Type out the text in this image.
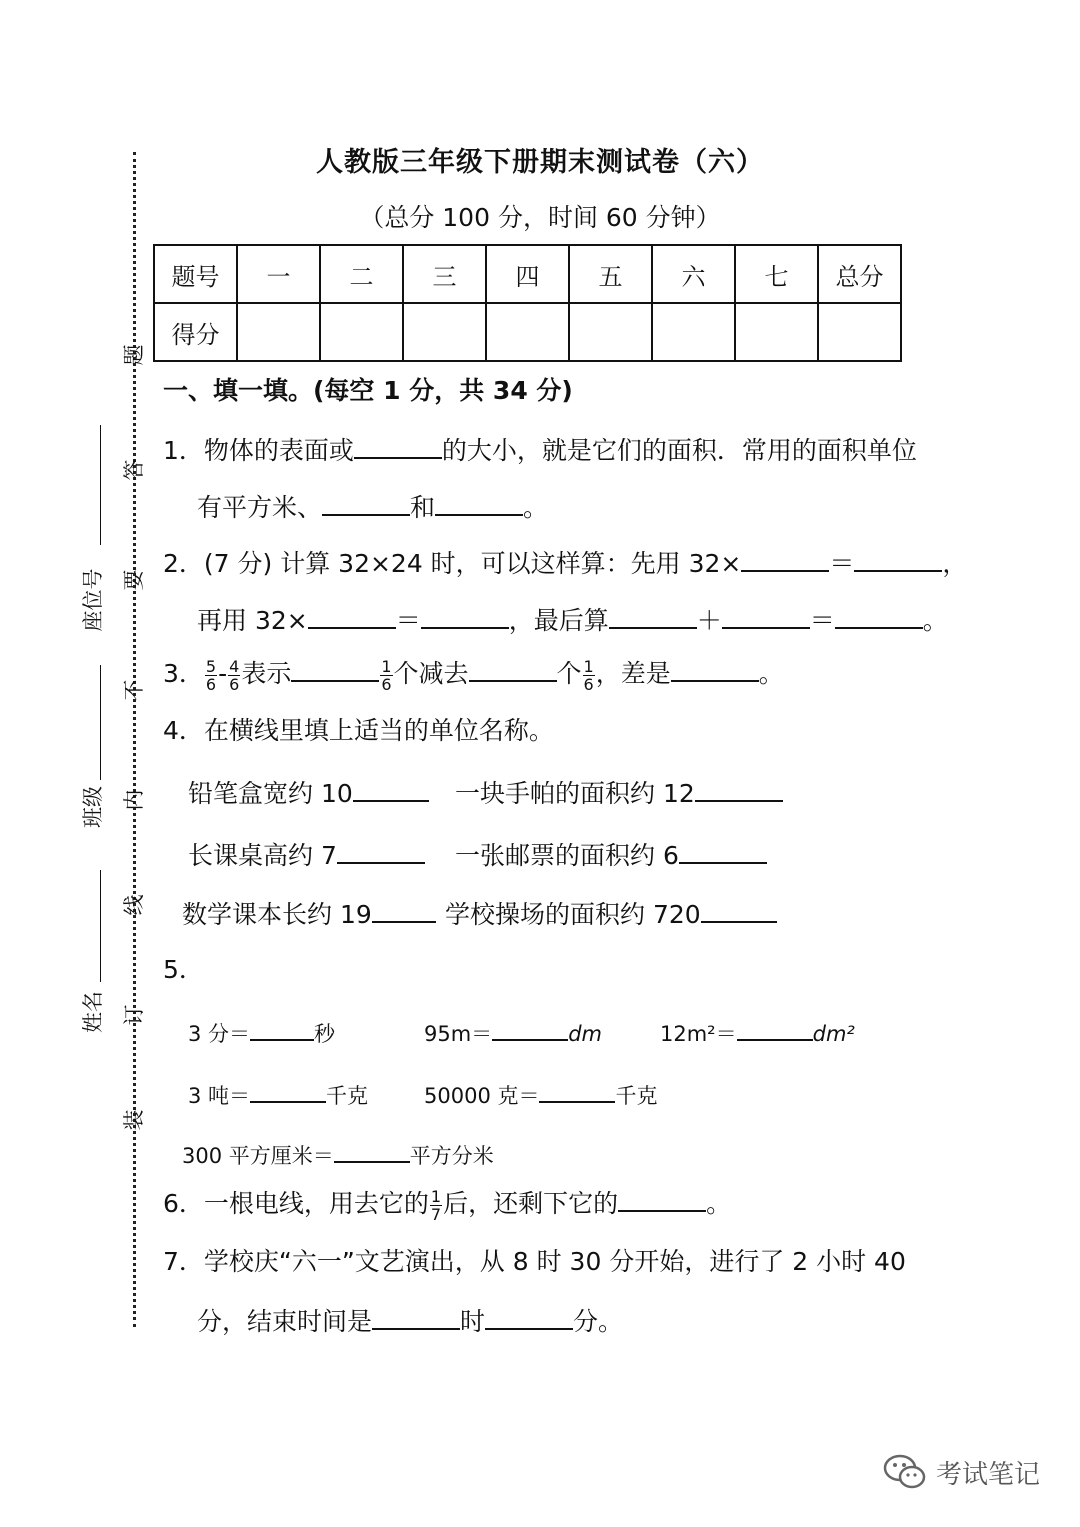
题
答
要
不
内
线
订
装
座位号
班级
姓名
人教版三年级下册期末测试卷（六）
（总分 100 分，时间 60 分钟）
题号	一	二	三	四	五	六	七	总分
得分								
一、填一填。(每空 1 分，共 34 分)
1．物体的表面或	的大小，就是它们的面积．常用的面积单位
有平方米、	和	。
2．(7 分) 计算 32×24 时，可以这样算：先用 32×	＝	，
再用 32×	＝	，最后算	＋	＝	。
3． $\frac{5}{6} - \frac{4}{6}$ 表示	$\frac{1}{6}$ 个减去	个 $\frac{1}{6}$ ，差是	。
4．在横线里填上适当的单位名称。
铅笔盒宽约 10	一块手帕的面积约 12
长课桌高约 7	一张邮票的面积约 6
数学课本长约 19	学校操场的面积约 720
5．
3 分＝	秒	95m＝	dm	12m²＝	dm²
3 吨＝	千克	50000 克＝	千克
300 平方厘米＝	平方分米
6．一根电线，用去它的 $\frac{1}{7}$ 后，还剩下它的	。
7．学校庆“六一”文艺演出，从 8 时 30 分开始，进行了 2 小时 40
分，结束时间是	时	分。
考试笔记
